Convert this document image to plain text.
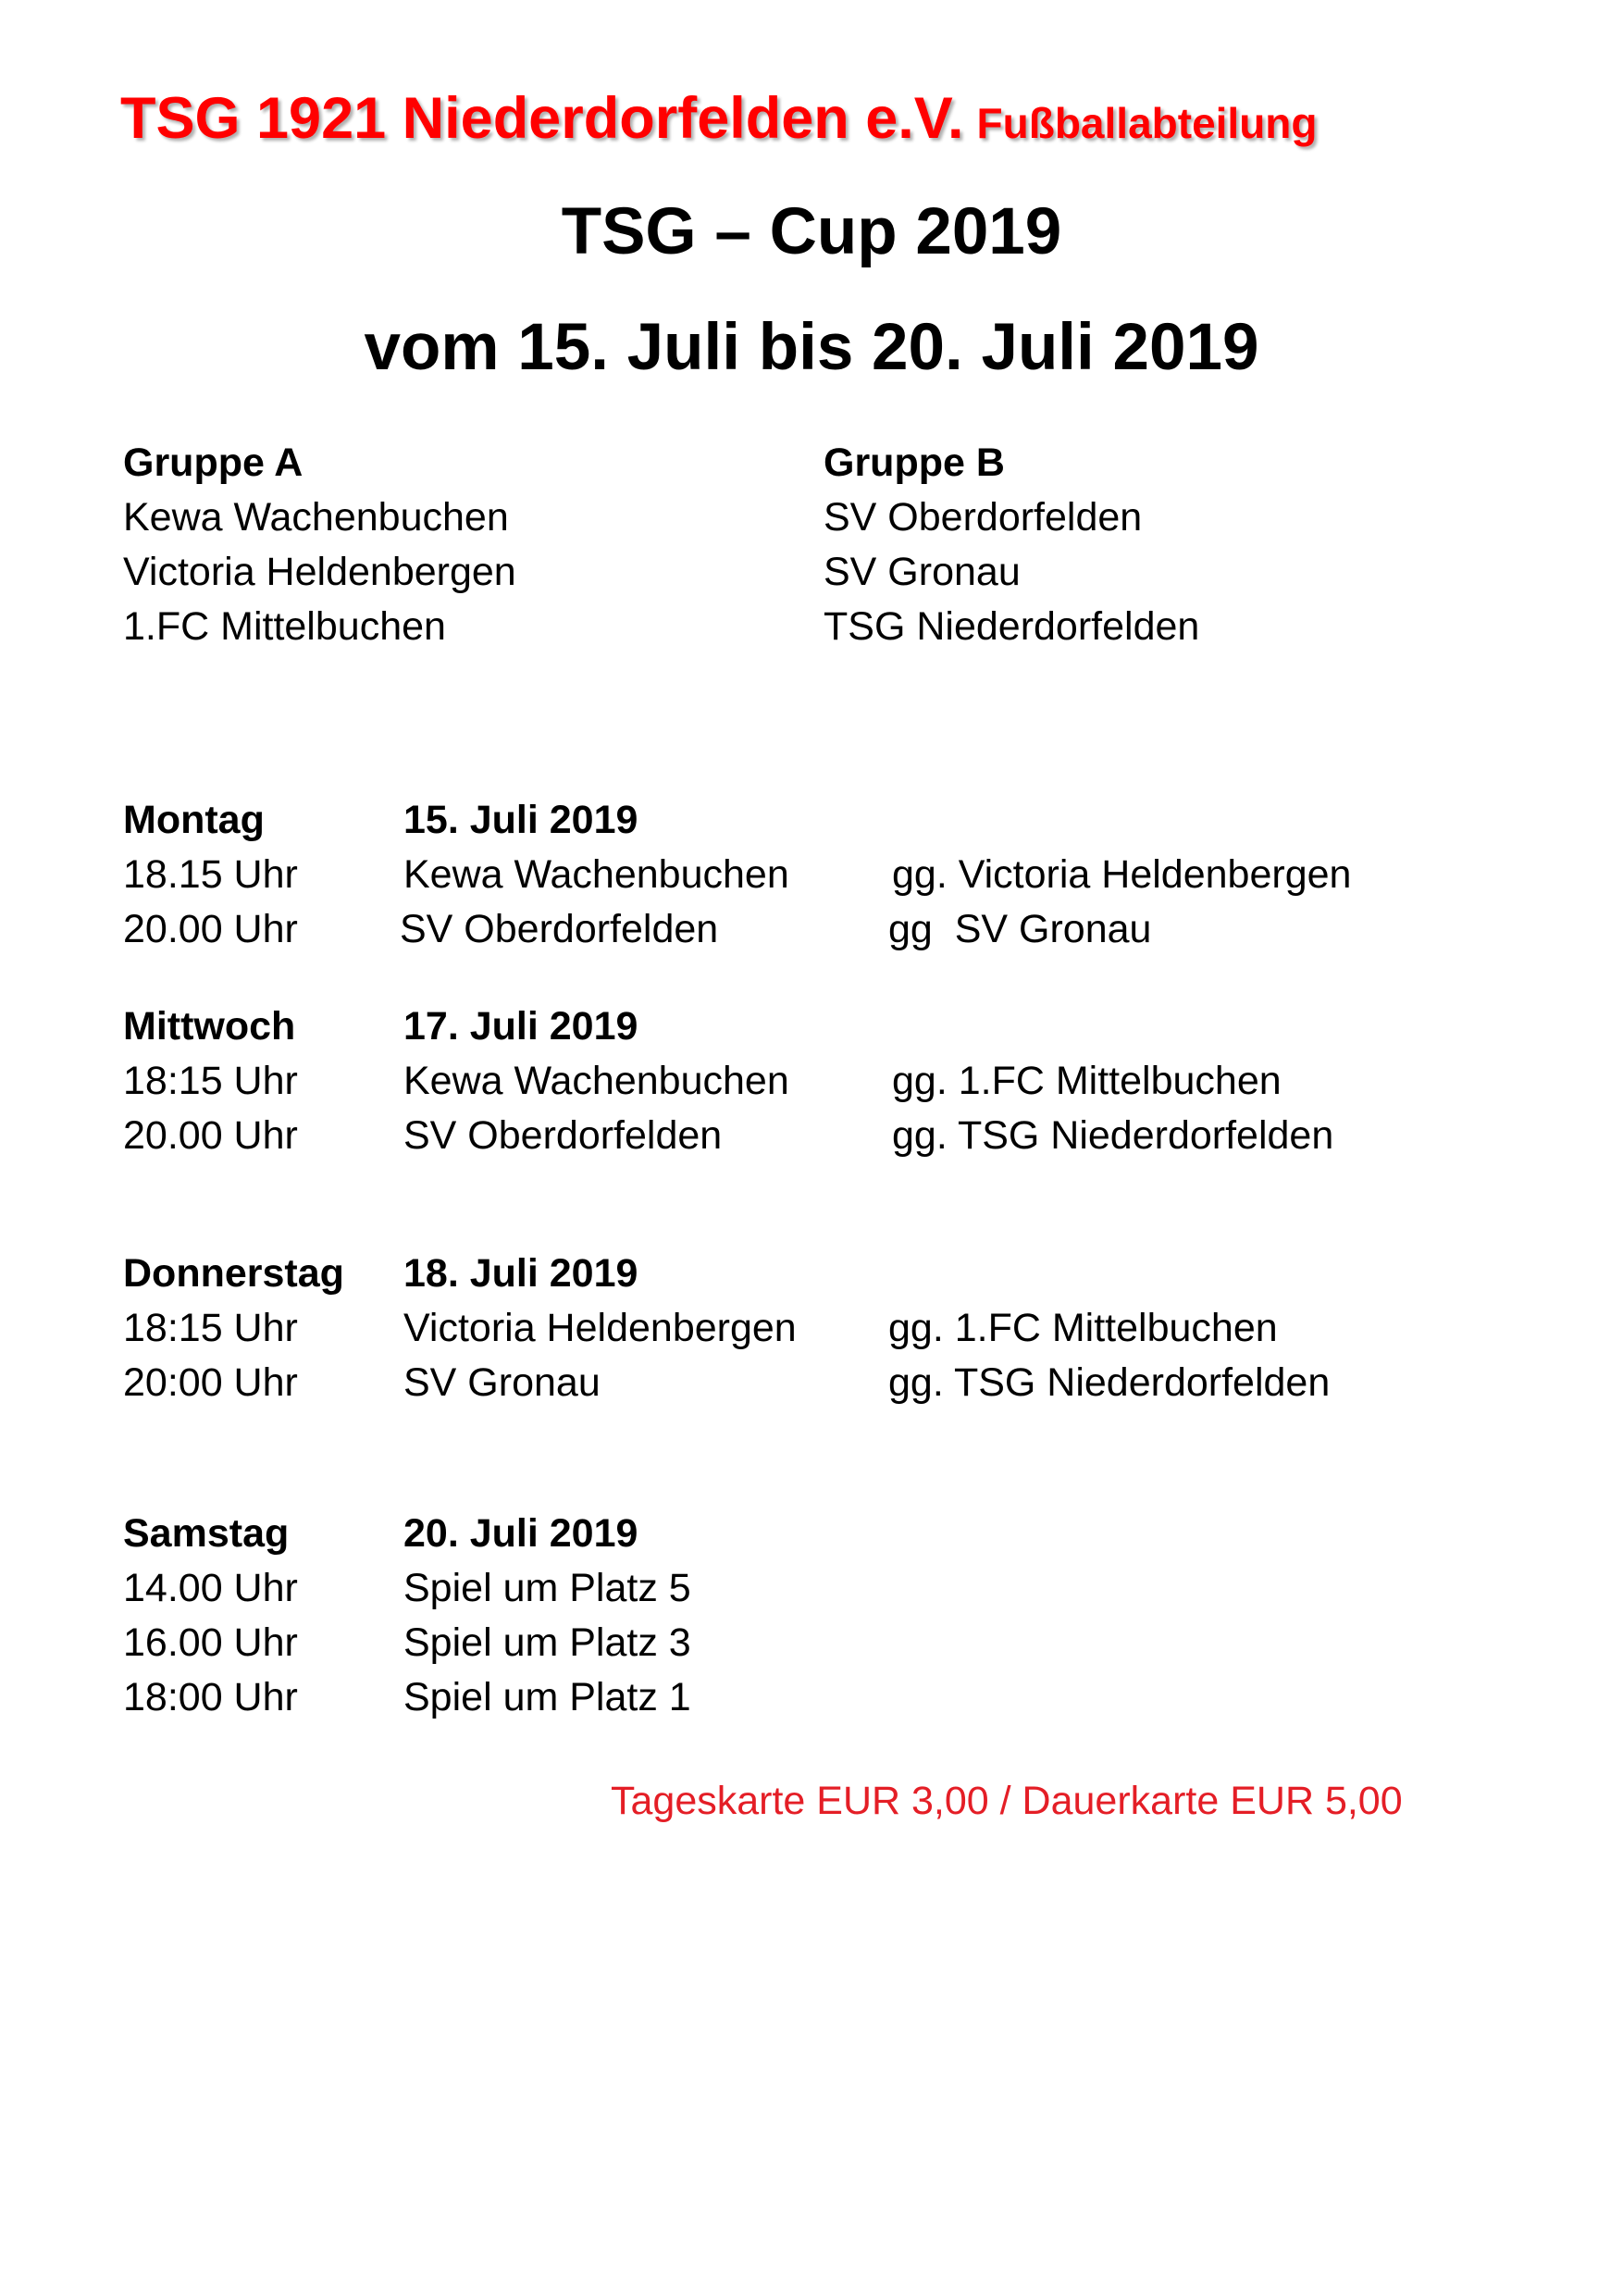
TSG 1921 Niederdorfelden e.V. Fußballabteilung
TSG – Cup 2019
vom 15. Juli bis 20. Juli 2019
Gruppe A
Kewa Wachenbuchen
Victoria Heldenbergen
1.FC Mittelbuchen
Gruppe B
SV Oberdorfelden
SV Gronau
TSG Niederdorfelden
Montag	15. Juli 2019
18.15 Uhr	Kewa Wachenbuchen	gg. Victoria Heldenbergen
20.00 Uhr	SV Oberdorfelden	gg  SV Gronau
Mittwoch	17. Juli 2019
18:15 Uhr	Kewa Wachenbuchen	gg. 1.FC Mittelbuchen
20.00 Uhr	SV Oberdorfelden	gg. TSG Niederdorfelden
Donnerstag 18. Juli 2019
18:15 Uhr	Victoria Heldenbergen gg. 1.FC Mittelbuchen
20:00 Uhr	SV Gronau	gg. TSG Niederdorfelden
Samstag	20. Juli 2019
14.00 Uhr	Spiel um Platz 5
16.00 Uhr	Spiel um Platz 3
18:00 Uhr	Spiel um Platz 1
Tageskarte EUR 3,00 / Dauerkarte EUR 5,00
